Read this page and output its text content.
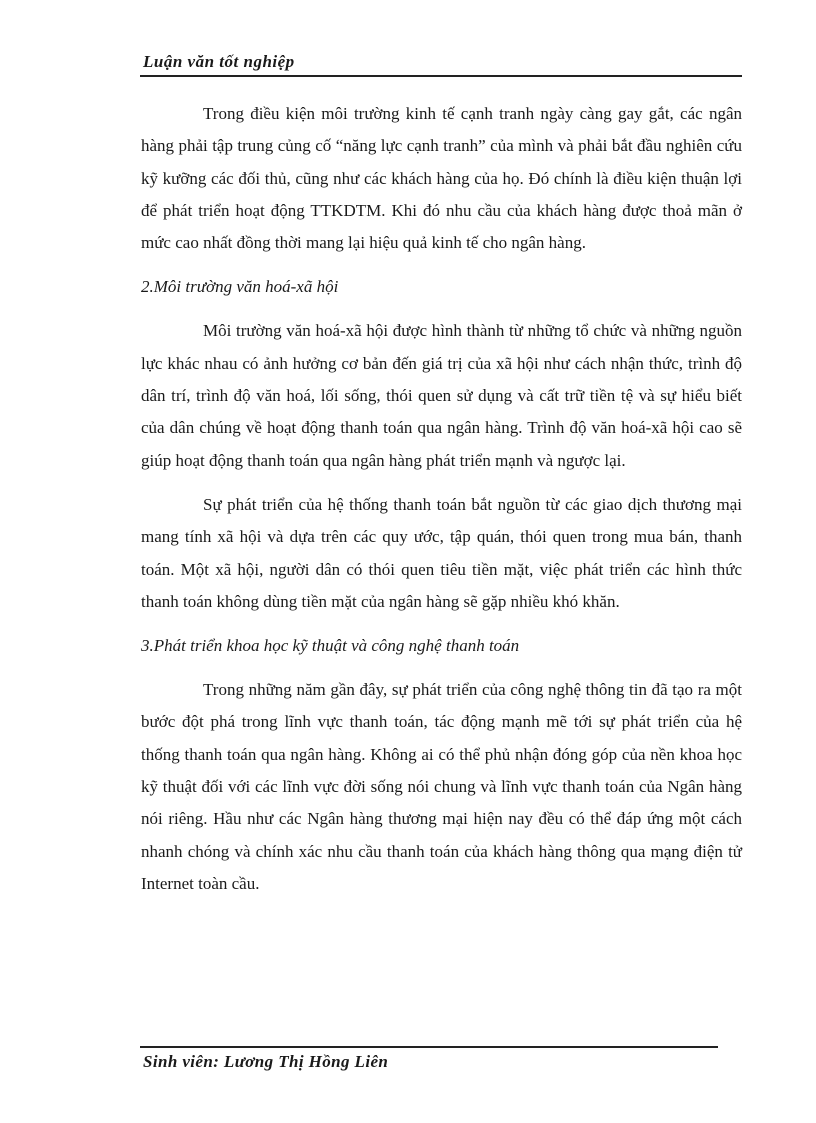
Luận văn tốt nghiệp

Trong điều kiện môi trường kinh tế cạnh tranh ngày càng gay gắt, các ngân hàng phải tập trung củng cố “năng lực cạnh tranh” của mình và phải bắt đầu nghiên cứu kỹ kưỡng các đối thủ, cũng như các khách hàng của họ. Đó chính là điều kiện thuận lợi để phát triển hoạt động TTKDTM. Khi đó nhu cầu của khách hàng được thoả mãn ở mức cao nhất đồng thời mang lại hiệu quả kinh tế cho ngân hàng.

2.Môi trường văn hoá-xã hội

Môi trường văn hoá-xã hội được hình thành từ những tổ chức và những nguồn lực khác nhau có ảnh hưởng cơ bản đến giá trị của xã hội như cách nhận thức, trình độ dân trí, trình độ văn hoá, lối sống, thói quen sử dụng và cất trữ tiền tệ và sự hiểu biết của dân chúng về hoạt động thanh toán qua ngân hàng. Trình độ văn hoá-xã hội cao sẽ giúp hoạt động thanh toán qua ngân hàng phát triển mạnh và ngược lại.

Sự phát triển của hệ thống thanh toán bắt nguồn từ các giao dịch thương mại mang tính xã hội và dựa trên các quy ước, tập quán, thói quen trong mua bán, thanh toán. Một xã hội, người dân có thói quen tiêu tiền mặt, việc phát triển các hình thức thanh toán không dùng tiền mặt của ngân hàng sẽ gặp nhiều khó khăn.

3.Phát triển khoa học kỹ thuật và công nghệ thanh toán

Trong những năm gần đây, sự phát triển của công nghệ thông tin đã tạo ra một bước đột phá trong lĩnh vực thanh toán, tác động mạnh mẽ tới sự phát triển của hệ thống thanh toán qua ngân hàng. Không ai có thể phủ nhận đóng góp của nền khoa học kỹ thuật đối với các lĩnh vực đời sống nói chung và lĩnh vực thanh toán của Ngân hàng nói riêng. Hầu như các Ngân hàng thương mại hiện nay đều có thể đáp ứng một cách nhanh chóng và chính xác nhu cầu thanh toán của khách hàng thông qua mạng điện tử Internet toàn cầu.

Sinh viên: Lương Thị Hồng Liên
